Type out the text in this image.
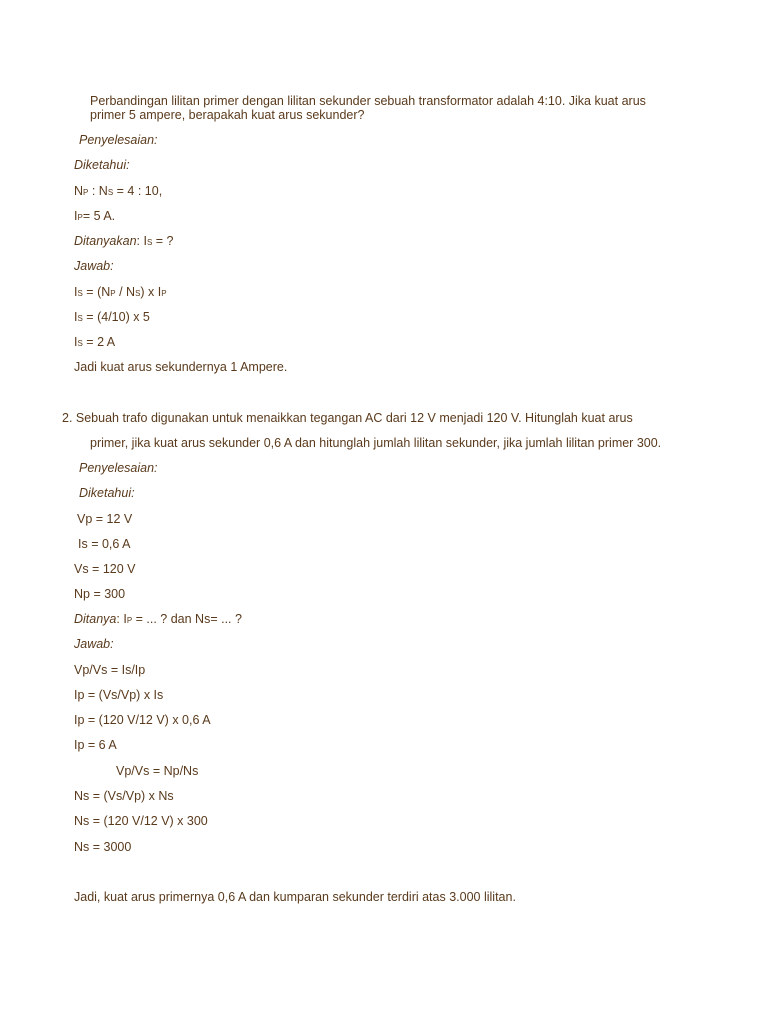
Perbandingan lilitan primer dengan lilitan sekunder sebuah transformator adalah 4:10. Jika kuat arus
primer 5 ampere, berapakah kuat arus sekunder?
Penyelesaian:
Diketahui:
NP : NS = 4 : 10,
IP= 5 A.
Ditanyakan: IS = ?
Jawab:
IS = (NP / NS) x IP
IS = (4/10) x 5
IS = 2 A
Jadi kuat arus sekundernya 1 Ampere.
2. Sebuah trafo digunakan untuk menaikkan tegangan AC dari 12 V menjadi 120 V. Hitunglah kuat arus
primer, jika kuat arus sekunder 0,6 A dan hitunglah jumlah lilitan sekunder, jika jumlah lilitan primer 300.
Penyelesaian:
Diketahui:
Vp = 12 V
Is = 0,6 A
Vs = 120 V
Np = 300
Ditanya: IP = ... ? dan Ns= ... ?
Jawab:
Vp/Vs = Is/Ip
Ip = (Vs/Vp) x Is
Ip = (120 V/12 V) x 0,6 A
Ip = 6 A
Vp/Vs = Np/Ns
Ns = (Vs/Vp) x Ns
Ns = (120 V/12 V) x 300
Ns = 3000
Jadi, kuat arus primernya 0,6 A dan kumparan sekunder terdiri atas 3.000 lilitan.
